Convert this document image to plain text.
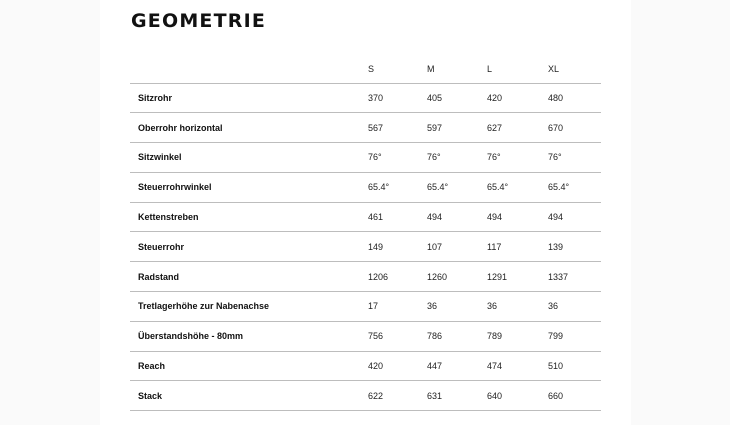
GEOMETRIE
	S	M	L	XL
Sitzrohr	370	405	420	480
Oberrohr horizontal	567	597	627	670
Sitzwinkel	76°	76°	76°	76°
Steuerrohrwinkel	65.4°	65.4°	65.4°	65.4°
Kettenstreben	461	494	494	494
Steuerrohr	149	107	117	139
Radstand	1206	1260	1291	1337
Tretlagerhöhe zur Nabenachse	17	36	36	36
Überstandshöhe - 80mm	756	786	789	799
Reach	420	447	474	510
Stack	622	631	640	660
